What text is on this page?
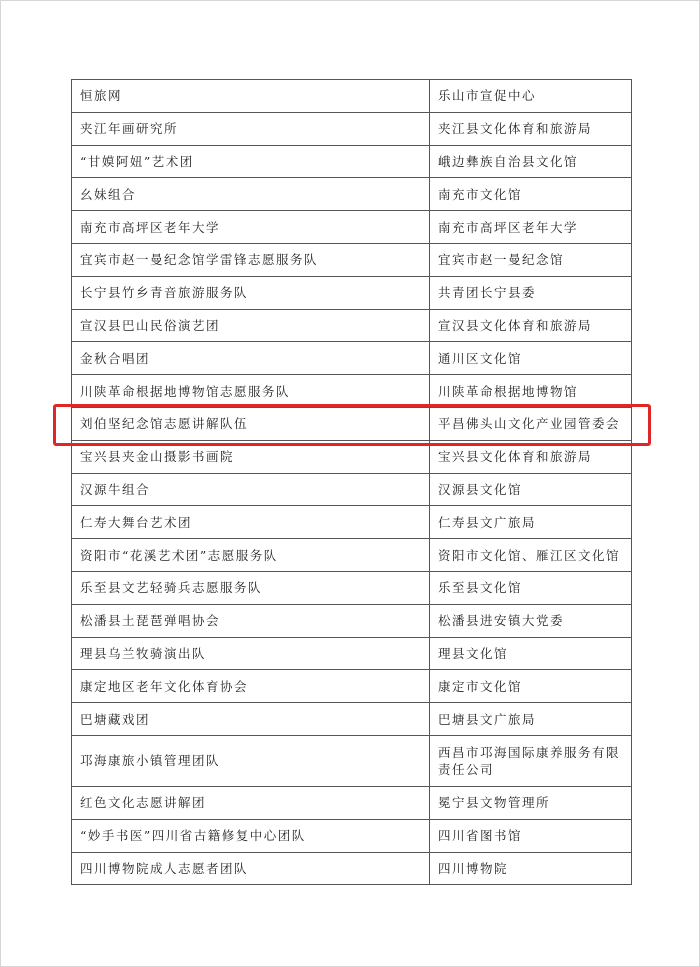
恒旅网	乐山市宣促中心
夹江年画研究所	夹江县文化体育和旅游局
“甘嫫阿妞”艺术团	峨边彝族自治县文化馆
幺妹组合	南充市文化馆
南充市高坪区老年大学	南充市高坪区老年大学
宜宾市赵一曼纪念馆学雷锋志愿服务队	宜宾市赵一曼纪念馆
长宁县竹乡青音旅游服务队	共青团长宁县委
宣汉县巴山民俗演艺团	宣汉县文化体育和旅游局
金秋合唱团	通川区文化馆
川陕革命根据地博物馆志愿服务队	川陕革命根据地博物馆
刘伯坚纪念馆志愿讲解队伍	平昌佛头山文化产业园管委会
宝兴县夹金山摄影书画院	宝兴县文化体育和旅游局
汉源牛组合	汉源县文化馆
仁寿大舞台艺术团	仁寿县文广旅局
资阳市“花溪艺术团”志愿服务队	资阳市文化馆、雁江区文化馆
乐至县文艺轻骑兵志愿服务队	乐至县文化馆
松潘县土琵琶弹唱协会	松潘县进安镇大党委
理县乌兰牧骑演出队	理县文化馆
康定地区老年文化体育协会	康定市文化馆
巴塘藏戏团	巴塘县文广旅局
邛海康旅小镇管理团队	西昌市邛海国际康养服务有限责任公司
红色文化志愿讲解团	冕宁县文物管理所
“妙手书医”四川省古籍修复中心团队	四川省图书馆
四川博物院成人志愿者团队	四川博物院
